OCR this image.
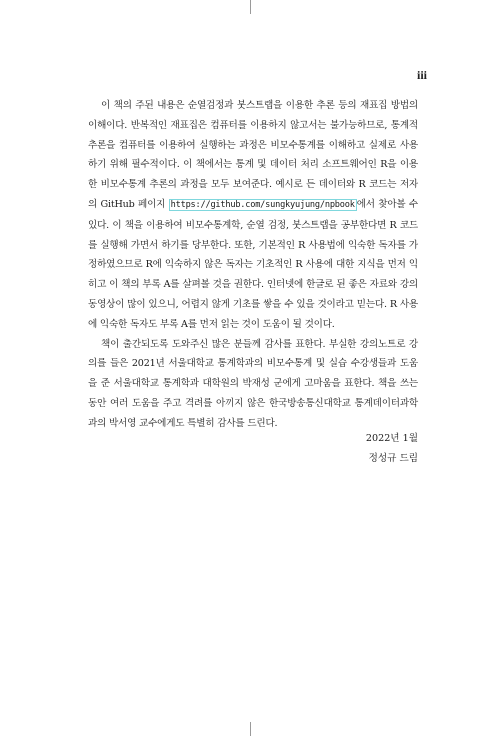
iii

이 책의 주된 내용은 순열검정과 붓스트랩을 이용한 추론 등의 재표집 방법의 이해이다. 반복적인 재표집은 컴퓨터를 이용하지 않고서는 불가능하므로, 통계적 추론을 컴퓨터를 이용하여 실행하는 과정은 비모수통계를 이해하고 실제로 사용하기 위해 필수적이다. 이 책에서는 통계 및 데이터 처리 소프트웨어인 R을 이용한 비모수통계 추론의 과정을 모두 보여준다. 예시로 든 데이터와 R 코드는 저자의 GitHub 페이지 https://github.com/sungkyujung/npbook 에서 찾아볼 수 있다. 이 책을 이용하여 비모수통계학, 순열 검정, 붓스트랩을 공부한다면 R 코드를 실행해 가면서 하기를 당부한다. 또한, 기본적인 R 사용법에 익숙한 독자를 가정하였으므로 R에 익숙하지 않은 독자는 기초적인 R 사용에 대한 지식을 먼저 익히고 이 책의 부록 A를 살펴볼 것을 권한다. 인터넷에 한글로 된 좋은 자료와 강의 동영상이 많이 있으니, 어렵지 않게 기초를 쌓을 수 있을 것이라고 믿는다. R 사용에 익숙한 독자도 부록 A를 먼저 읽는 것이 도움이 될 것이다.

책이 출간되도록 도와주신 많은 분들께 감사를 표한다. 부실한 강의노트로 강의를 들은 2021년 서울대학교 통계학과의 비모수통계 및 실습 수강생들과 도움을 준 서울대학교 통계학과 대학원의 박재성 군에게 고마움을 표한다. 책을 쓰는 동안 여러 도움을 주고 격려를 아끼지 않은 한국방송통신대학교 통계데이터과학과의 박서영 교수에게도 특별히 감사를 드린다.

2022년 1월
정성규 드림
